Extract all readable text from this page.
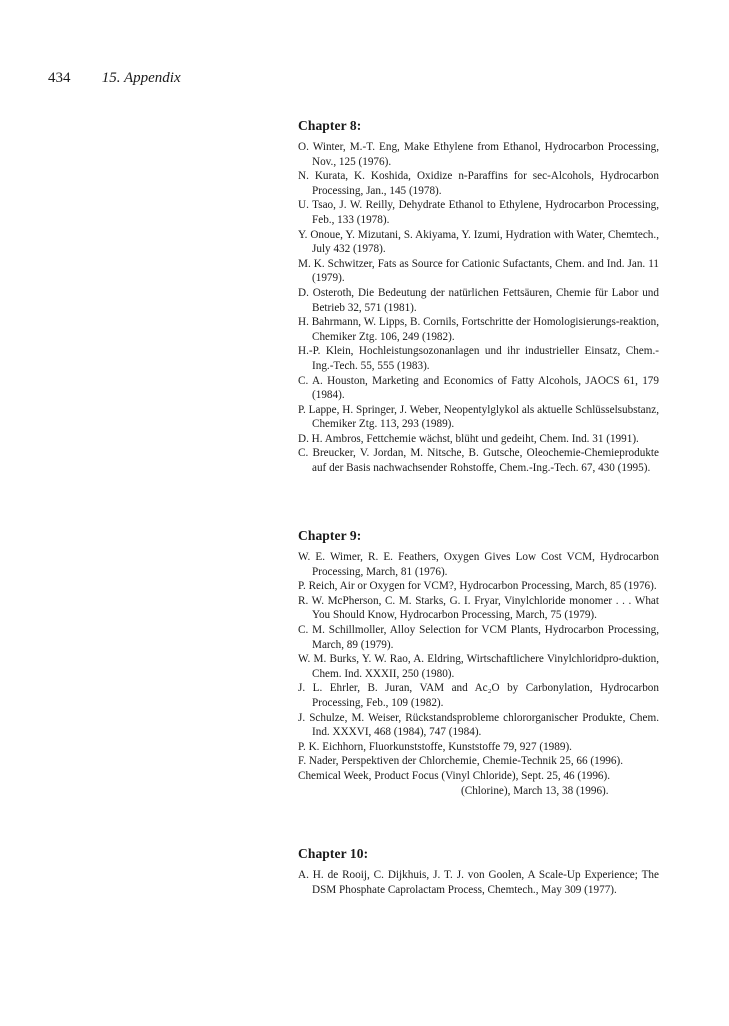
434 15. Appendix
Chapter 8:

O. Winter, M.-T. Eng, Make Ethylene from Ethanol, Hydrocarbon Processing, Nov., 125 (1976).

N. Kurata, K. Koshida, Oxidize n-Paraffins for sec-Alcohols, Hydrocarbon Processing, Jan., 145 (1978).

U. Tsao, J. W. Reilly, Dehydrate Ethanol to Ethylene, Hydrocarbon Processing, Feb., 133 (1978).

Y. Onoue, Y. Mizutani, S. Akiyama, Y. Izumi, Hydration with Water, Chemtech., July 432 (1978).

M. K. Schwitzer, Fats as Source for Cationic Sufactants, Chem. and Ind. Jan. 11 (1979).

D. Osteroth, Die Bedeutung der natürlichen Fettsäuren, Chemie für Labor und Betrieb 32, 571 (1981).

H. Bahrmann, W. Lipps, B. Cornils, Fortschritte der Homologisierungs-reaktion, Chemiker Ztg. 106, 249 (1982).

H.-P. Klein, Hochleistungsozonanlagen und ihr industrieller Einsatz, Chem.-Ing.-Tech. 55, 555 (1983).

C. A. Houston, Marketing and Economics of Fatty Alcohols, JAOCS 61, 179 (1984).

P. Lappe, H. Springer, J. Weber, Neopentylglykol als aktuelle Schlüsselsubstanz, Chemiker Ztg. 113, 293 (1989).

D. H. Ambros, Fettchemie wächst, blüht und gedeiht, Chem. Ind. 31 (1991).

C. Breucker, V. Jordan, M. Nitsche, B. Gutsche, Oleochemie-Chemieprodukte auf der Basis nachwachsender Rohstoffe, Chem.-Ing.-Tech. 67, 430 (1995).

Chapter 9:

W. E. Wimer, R. E. Feathers, Oxygen Gives Low Cost VCM, Hydrocarbon Processing, March, 81 (1976).

P. Reich, Air or Oxygen for VCM?, Hydrocarbon Processing, March, 85 (1976).

R. W. McPherson, C. M. Starks, G. I. Fryar, Vinylchloride monomer . . . What You Should Know, Hydrocarbon Processing, March, 75 (1979).

C. M. Schillmoller, Alloy Selection for VCM Plants, Hydrocarbon Processing, March, 89 (1979).

W. M. Burks, Y. W. Rao, A. Eldring, Wirtschaftlichere Vinylchloridpro-duktion, Chem. Ind. XXXII, 250 (1980).

J. L. Ehrler, B. Juran, VAM and Ac₂O by Carbonylation, Hydrocarbon Processing, Feb., 109 (1982).

J. Schulze, M. Weiser, Rückstandsprobleme chlororganischer Produkte, Chem. Ind. XXXVI, 468 (1984), 747 (1984).

P. K. Eichhorn, Fluorkunststoffe, Kunststoffe 79, 927 (1989).

F. Nader, Perspektiven der Chlorchemie, Chemie-Technik 25, 66 (1996).

Chemical Week, Product Focus (Vinyl Chloride), Sept. 25, 46 (1996).

(Chlorine), March 13, 38 (1996).

Chapter 10:

A. H. de Rooij, C. Dijkhuis, J. T. J. von Goolen, A Scale-Up Experience; The DSM Phosphate Caprolactam Process, Chemtech., May 309 (1977).
